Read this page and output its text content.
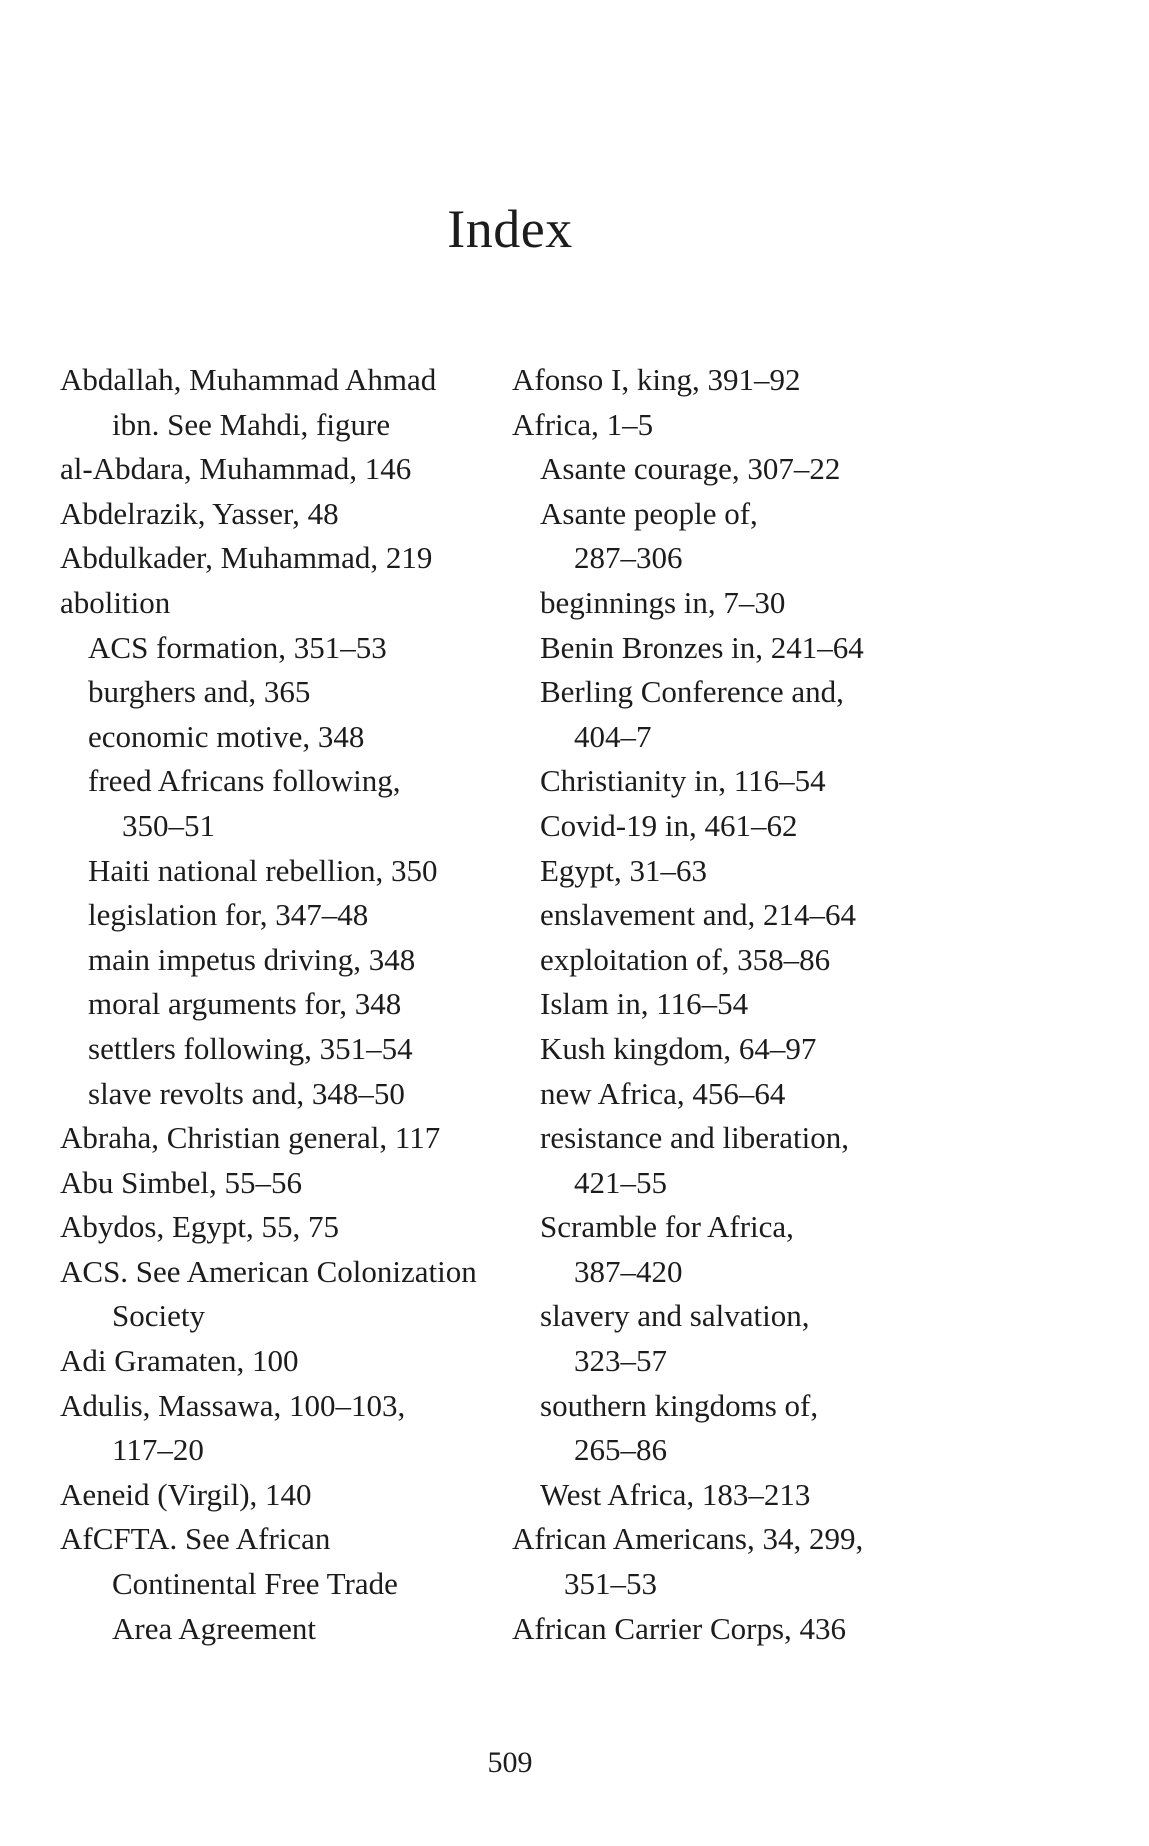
Index
Abdallah, Muhammad Ahmad
ibn. See Mahdi, figure
al-Abdara, Muhammad, 146
Abdelrazik, Yasser, 48
Abdulkader, Muhammad, 219
abolition
ACS formation, 351–53
burghers and, 365
economic motive, 348
freed Africans following,
350–51
Haiti national rebellion, 350
legislation for, 347–48
main impetus driving, 348
moral arguments for, 348
settlers following, 351–54
slave revolts and, 348–50
Abraha, Christian general, 117
Abu Simbel, 55–56
Abydos, Egypt, 55, 75
ACS. See American Colonization
Society
Adi Gramaten, 100
Adulis, Massawa, 100–103,
117–20
Aeneid (Virgil), 140
AfCFTA. See African
Continental Free Trade
Area Agreement
Afonso I, king, 391–92
Africa, 1–5
Asante courage, 307–22
Asante people of,
287–306
beginnings in, 7–30
Benin Bronzes in, 241–64
Berling Conference and,
404–7
Christianity in, 116–54
Covid-19 in, 461–62
Egypt, 31–63
enslavement and, 214–64
exploitation of, 358–86
Islam in, 116–54
Kush kingdom, 64–97
new Africa, 456–64
resistance and liberation,
421–55
Scramble for Africa,
387–420
slavery and salvation,
323–57
southern kingdoms of,
265–86
West Africa, 183–213
African Americans, 34, 299,
351–53
African Carrier Corps, 436
509
